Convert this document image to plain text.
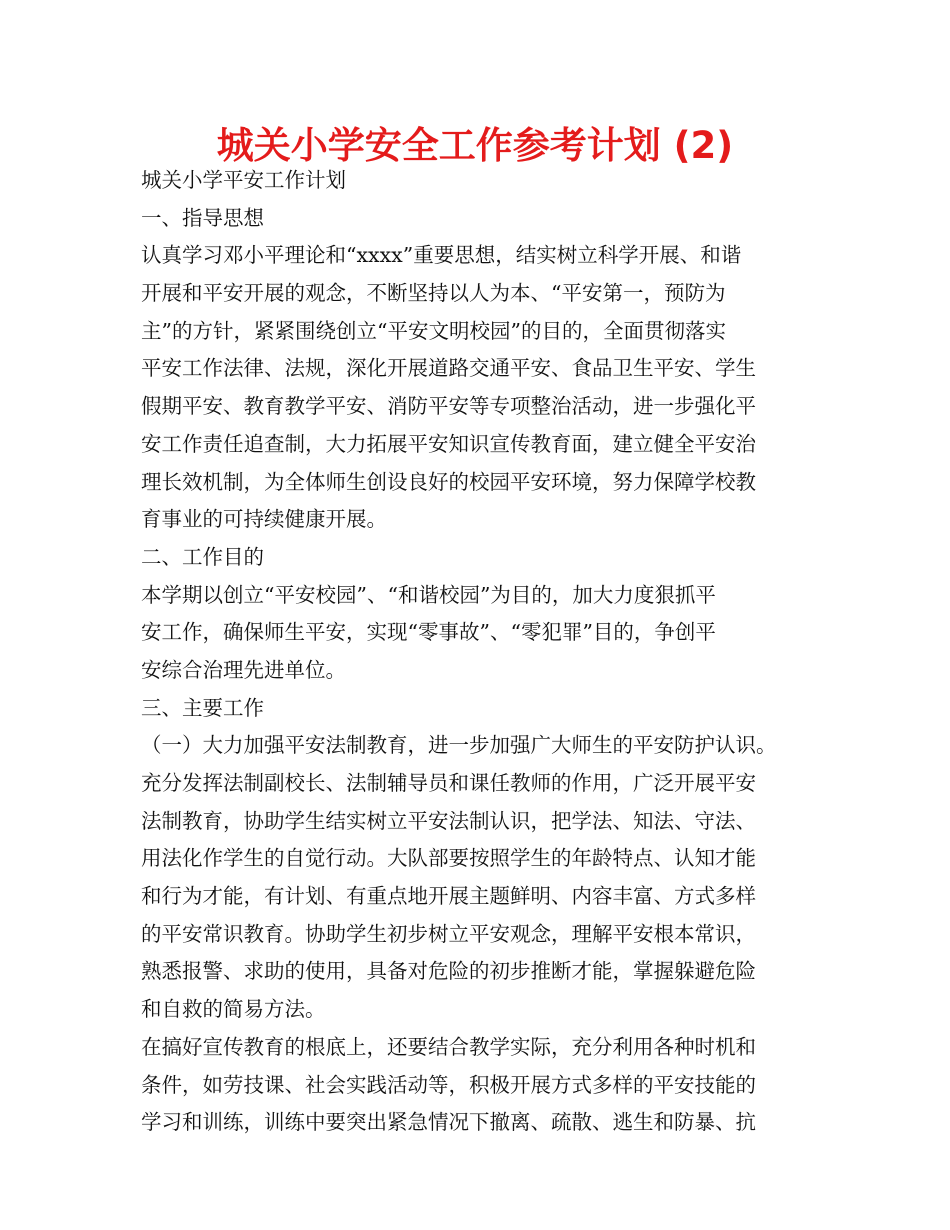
城关小学安全工作参考计划 (2)

城关小学平安工作计划

一、指导思想

认真学习邓小平理论和“xxxx”重要思想，结实树立科学开展、和谐

开展和平安开展的观念，不断坚持以人为本、“平安第一，预防为

主”的方针，紧紧围绕创立“平安文明校园”的目的，全面贯彻落实

平安工作法律、法规，深化开展道路交通平安、食品卫生平安、学生

假期平安、教育教学平安、消防平安等专项整治活动，进一步强化平

安工作责任追查制，大力拓展平安知识宣传教育面，建立健全平安治

理长效机制，为全体师生创设良好的校园平安环境，努力保障学校教

育事业的可持续健康开展。

二、工作目的

本学期以创立“平安校园”、“和谐校园”为目的，加大力度狠抓平

安工作，确保师生平安，实现“零事故”、“零犯罪”目的，争创平

安综合治理先进单位。

三、主要工作

（一）大力加强平安法制教育，进一步加强广大师生的平安防护认识。

充分发挥法制副校长、法制辅导员和课任教师的作用，广泛开展平安

法制教育，协助学生结实树立平安法制认识，把学法、知法、守法、

用法化作学生的自觉行动。大队部要按照学生的年龄特点、认知才能

和行为才能，有计划、有重点地开展主题鲜明、内容丰富、方式多样

的平安常识教育。协助学生初步树立平安观念，理解平安根本常识，

熟悉报警、求助的使用，具备对危险的初步推断才能，掌握躲避危险

和自救的简易方法。

在搞好宣传教育的根底上，还要结合教学实际，充分利用各种时机和

条件，如劳技课、社会实践活动等，积极开展方式多样的平安技能的

学习和训练，训练中要突出紧急情况下撤离、疏散、逃生和防暴、抗
